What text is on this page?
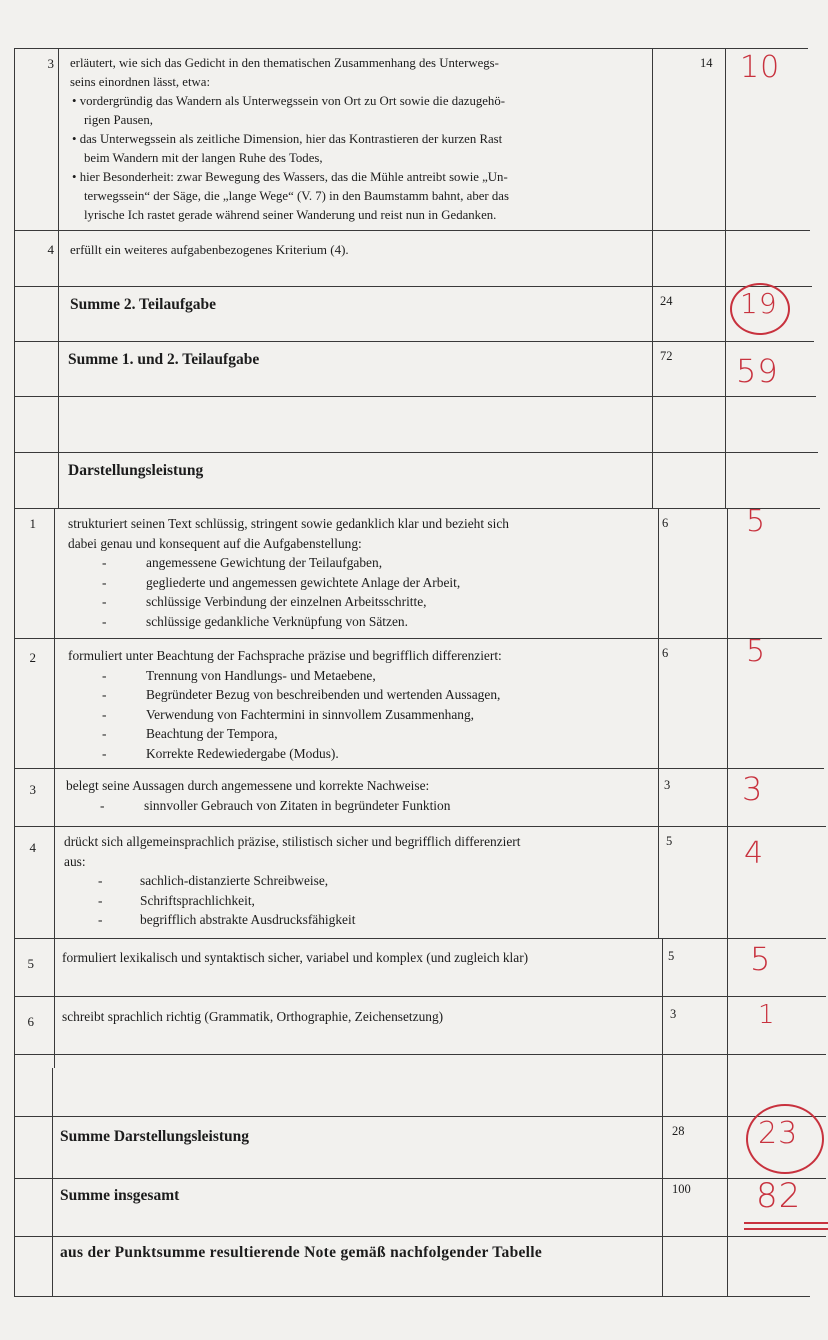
3 erläutert, wie sich das Gedicht in den thematischen Zusammenhang des Unterwegs-
seins einordnen lässt, etwa:
• vordergründig das Wandern als Unterwegssein von Ort zu Ort sowie die dazugehö-
rigen Pausen,
• das Unterwegssein als zeitliche Dimension, hier das Kontrastieren der kurzen Rast
beim Wandern mit der langen Ruhe des Todes,
• hier Besonderheit: zwar Bewegung des Wassers, das die Mühle antreibt sowie „Un-
terwegssein“ der Säge, die „lange Wege“ (V. 7) in den Baumstamm bahnt, aber das
lyrische Ich rastet gerade während seiner Wanderung und reist nun in Gedanken.
14 10
4 erfüllt ein weiteres aufgabenbezogenes Kriterium (4).
Summe 2. Teilaufgabe	24 19
Summe 1. und 2. Teilaufgabe	72 59
Darstellungsleistung
1 strukturiert seinen Text schlüssig, stringent sowie gedanklich klar und bezieht sich
dabei genau und konsequent auf die Aufgabenstellung:
- angemessene Gewichtung der Teilaufgaben,
- gegliederte und angemessen gewichtete Anlage der Arbeit,
- schlüssige Verbindung der einzelnen Arbeitsschritte,
- schlüssige gedankliche Verknüpfung von Sätzen.
6	5
2 formuliert unter Beachtung der Fachsprache präzise und begrifflich differenziert:
- Trennung von Handlungs- und Metaebene,
- Begründeter Bezug von beschreibenden und wertenden Aussagen,
- Verwendung von Fachtermini in sinnvollem Zusammenhang,
- Beachtung der Tempora,
- Korrekte Redewiedergabe (Modus).
6	5
3 belegt seine Aussagen durch angemessene und korrekte Nachweise:
- sinnvoller Gebrauch von Zitaten in begründeter Funktion
3 3
4 drückt sich allgemeinsprachlich präzise, stilistisch sicher und begrifflich differenziert
aus:
- sachlich-distanzierte Schreibweise,
- Schriftsprachlichkeit,
- begrifflich abstrakte Ausdrucksfähigkeit
5 4
5 formuliert lexikalisch und syntaktisch sicher, variabel und komplex (und zugleich klar)	5 5
6 schreibt sprachlich richtig (Grammatik, Orthographie, Zeichensetzung)	3	1
Summe Darstellungsleistung	28 23
Summe insgesamt	100 82
aus der Punktsumme resultierende Note gemäß nachfolgender Tabelle
